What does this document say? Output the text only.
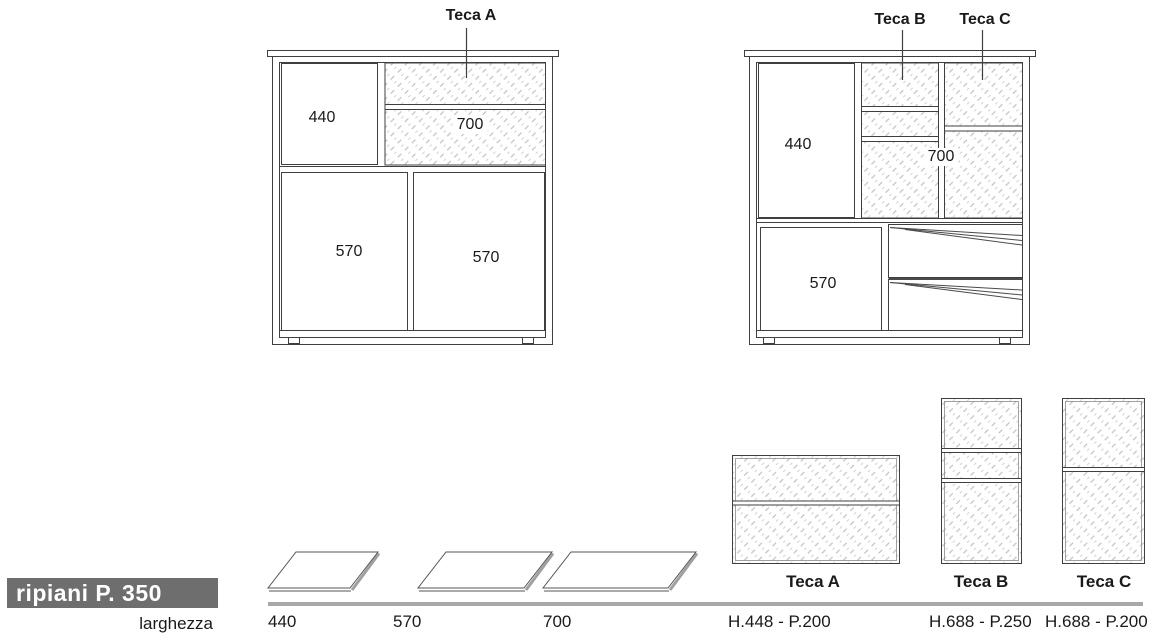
Teca A	Teca B Teca C
440	700
570	570
440
700
570
ripiani P. 350
larghezza	440	570	700
Teca A	Teca B	Teca C
H.448 - P.200	H.688 - P.250 H.688 - P.200
